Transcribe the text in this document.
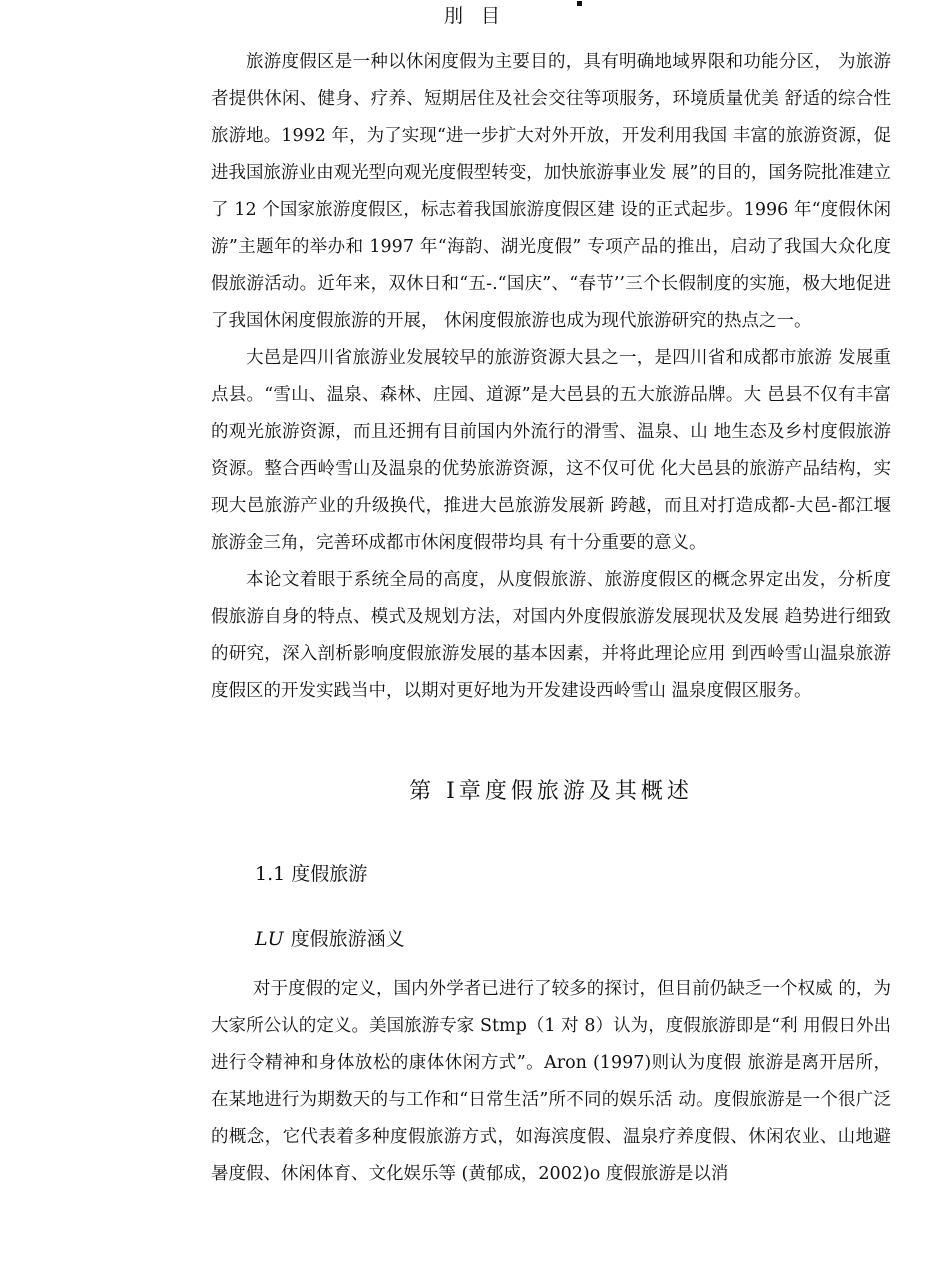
刖 目

旅游度假区是一种以休闲度假为主要目的，具有明确地域界限和功能分区， 为旅游者提供休闲、健身、疗养、短期居住及社会交往等项服务，环境质量优美 舒适的综合性旅游地。1992 年，为了实现“进一步扩大对外开放，开发利用我国 丰富的旅游资源，促进我国旅游业由观光型向观光度假型转变，加快旅游事业发 展”的目的，国务院批准建立了 12 个国家旅游度假区，标志着我国旅游度假区建 设的正式起步。1996 年“度假休闲游”主题年的举办和 1997 年“海韵、湖光度假” 专项产品的推出，启动了我国大众化度假旅游活动。近年来，双休日和“五-.“国庆”、“春节’’三个长假制度的实施，极大地促进了我国休闲度假旅游的开展， 休闲度假旅游也成为现代旅游研究的热点之一。

大邑是四川省旅游业发展较早的旅游资源大县之一，是四川省和成都市旅游 发展重点县。“雪山、温泉、森林、庄园、道源”是大邑县的五大旅游品牌。大 邑县不仅有丰富的观光旅游资源，而且还拥有目前国内外流行的滑雪、温泉、山 地生态及乡村度假旅游资源。整合西岭雪山及温泉的优势旅游资源，这不仅可优 化大邑县的旅游产品结构，实现大邑旅游产业的升级换代，推进大邑旅游发展新 跨越，而且对打造成都-大邑-都江堰旅游金三角，完善环成都市休闲度假带均具 有十分重要的意义。

本论文着眼于系统全局的高度，从度假旅游、旅游度假区的概念界定出发，分析度假旅游自身的特点、模式及规划方法，对国内外度假旅游发展现状及发展 趋势进行细致的研究，深入剖析影响度假旅游发展的基本因素，并将此理论应用 到西岭雪山温泉旅游度假区的开发实践当中，以期对更好地为开发建设西岭雪山 温泉度假区服务。

第 Ⅰ章度假旅游及其概述
1.1 度假旅游
LU 度假旅游涵义

对于度假的定义，国内外学者已进行了较多的探讨，但目前仍缺乏一个权威 的，为大家所公认的定义。美国旅游专家 Stmp（1 对 8）认为，度假旅游即是“利 用假日外出进行令精神和身体放松的康体休闲方式”。Aron (1997)则认为度假 旅游是离开居所，在某地进行为期数天的与工作和“日常生活”所不同的娱乐活 动。度假旅游是一个很广泛的概念，它代表着多种度假旅游方式，如海滨度假、温泉疗养度假、休闲农业、山地避暑度假、休闲体育、文化娱乐等 (黄郁成，2002)o 度假旅游是以消
